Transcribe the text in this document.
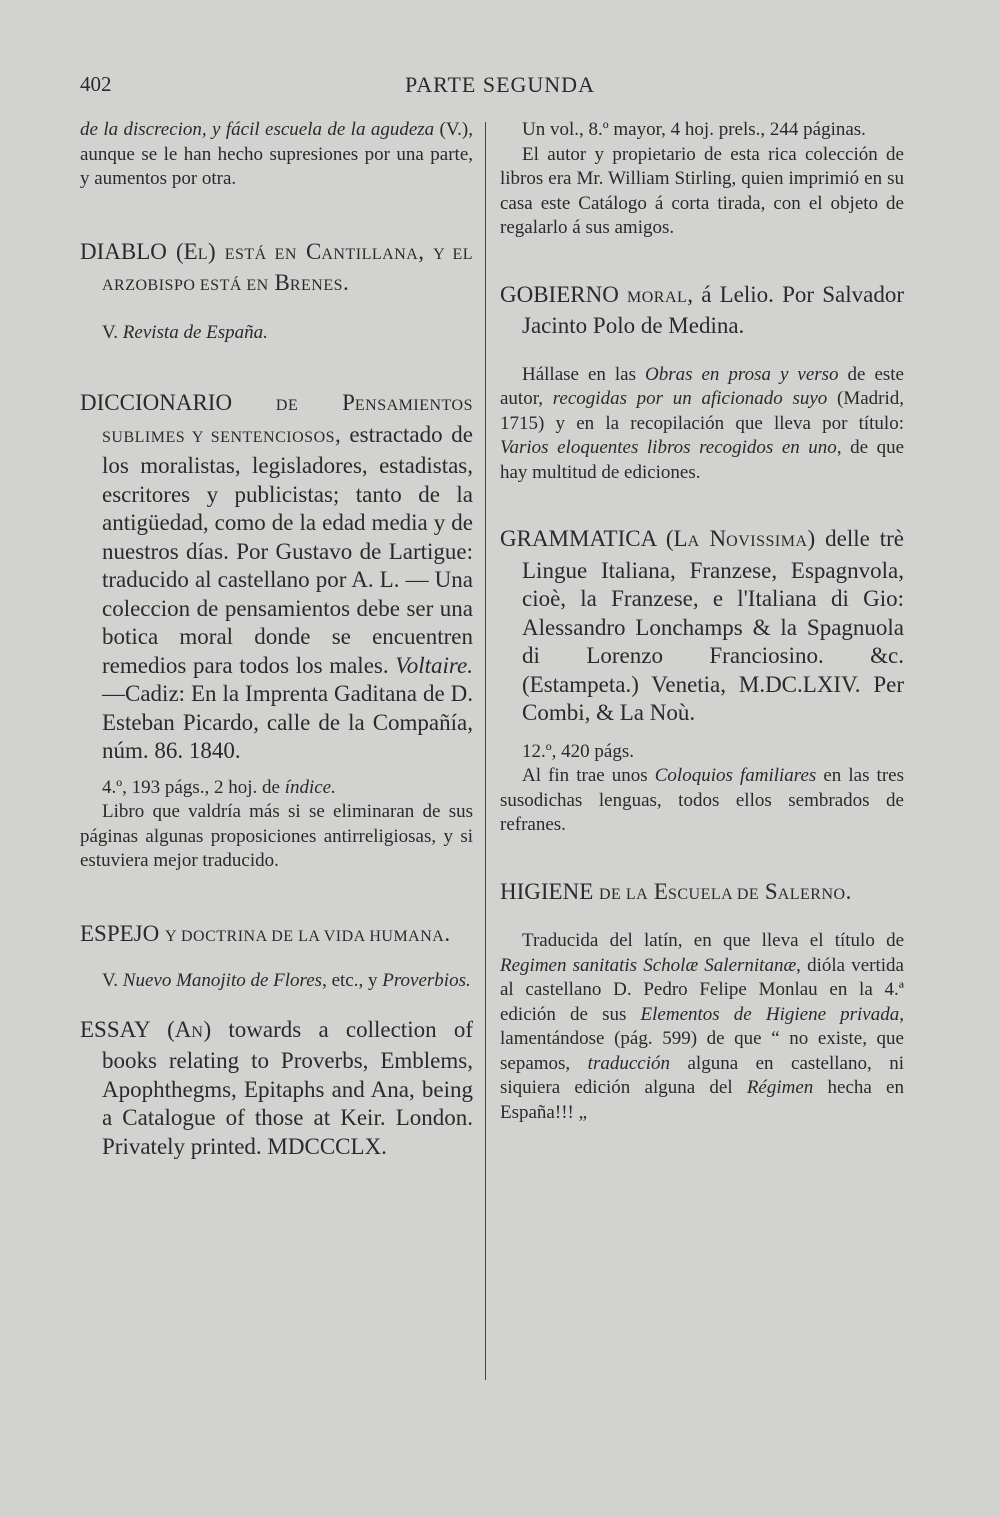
402	PARTE SEGUNDA

de la discrecion, y fácil escuela de la agudeza (V.), aunque se le han hecho supresiones por una parte, y aumentos por otra.

DIABLO (EL) ESTÁ EN CANTILLANA, Y EL ARZOBISPO ESTÁ EN BRENES.

V. Revista de España.

DICCIONARIO DE PENSAMIENTOS SUBLIMES Y SENTENCIOSOS, estractado de los moralistas, legisladores, estadistas, escritores y publicistas; tanto de la antigüedad, como de la edad media y de nuestros días. Por Gustavo de Lartigue: traducido al castellano por A. L. — Una coleccion de pensamientos debe ser una botica moral donde se encuentren remedios para todos los males. Voltaire.—Cadiz: En la Imprenta Gaditana de D. Esteban Picardo, calle de la Compañía, núm. 86. 1840.

4.º, 193 págs., 2 hoj. de índice.

Libro que valdría más si se eliminaran de sus páginas algunas proposiciones antirreligiosas, y si estuviera mejor traducido.

ESPEJO Y DOCTRINA DE LA VIDA HUMANA.

V. Nuevo Manojito de Flores, etc., y Proverbios.

ESSAY (AN) towards a collection of books relating to Proverbs, Emblems, Apophthegms, Epitaphs and Ana, being a Catalogue of those at Keir. London. Privately printed. MDCCCLX.

Un vol., 8.º mayor, 4 hoj. prels., 244 páginas.

El autor y propietario de esta rica colección de libros era Mr. William Stirling, quien imprimió en su casa este Catálogo á corta tirada, con el objeto de regalarlo á sus amigos.

GOBIERNO MORAL, á Lelio. Por Salvador Jacinto Polo de Medina.

Hállase en las Obras en prosa y verso de este autor, recogidas por un aficionado suyo (Madrid, 1715) y en la recopilación que lleva por título: Varios eloquentes libros recogidos en uno, de que hay multitud de ediciones.

GRAMMATICA (LA NOVISSIMA) delle trè Lingue Italiana, Franzese, Espagnvola, cioè, la Franzese, e l'Italiana di Gio: Alessandro Lonchamps & la Spagnuola di Lorenzo Franciosino. &c. (Estampeta.) Venetia, M.DC.LXIV. Per Combi, & La Noù.

12.º, 420 págs.

Al fin trae unos Coloquios familiares en las tres susodichas lenguas, todos ellos sembrados de refranes.

HIGIENE DE LA ESCUELA DE SALERNO.

Traducida del latín, en que lleva el título de Regimen sanitatis Scholæ Salernitanæ, dióla vertida al castellano D. Pedro Felipe Monlau en la 4.ª edición de sus Elementos de Higiene privada, lamentándose (pág. 599) de que “ no existe, que sepamos, traducción alguna en castellano, ni siquiera edición alguna del Régimen hecha en España!!! „
